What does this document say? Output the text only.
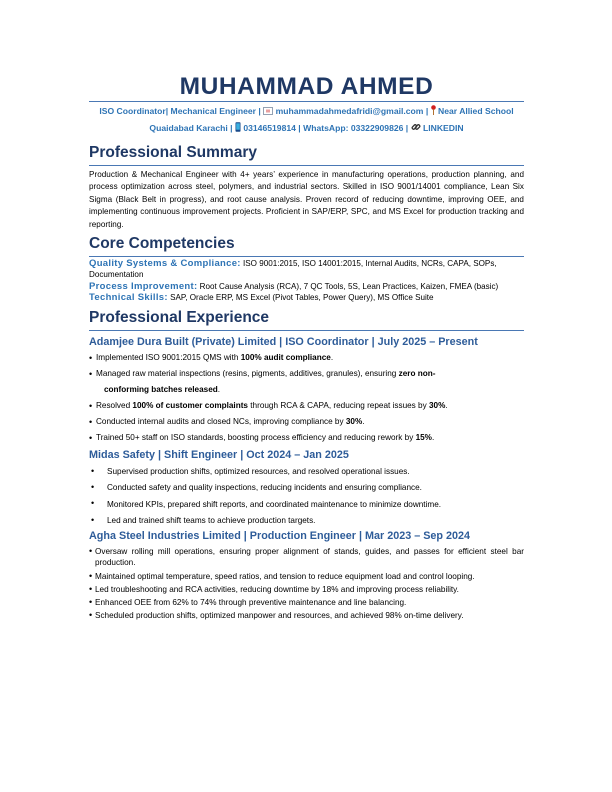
MUHAMMAD AHMED
ISO Coordinator| Mechanical Engineer |  muhammadahmedafridi@gmail.com |  Near Allied School Quaidabad Karachi |  03146519814 | WhatsApp: 03322909826 |  LINKEDIN
Professional Summary
Production & Mechanical Engineer with 4+ years’ experience in manufacturing operations, production planning, and process optimization across steel, polymers, and industrial sectors. Skilled in ISO 9001/14001 compliance, Lean Six Sigma (Black Belt in progress), and root cause analysis. Proven record of reducing downtime, improving OEE, and implementing continuous improvement projects. Proficient in SAP/ERP, SPC, and MS Excel for production tracking and reporting.
Core Competencies
Quality Systems & Compliance: ISO 9001:2015, ISO 14001:2015, Internal Audits, NCRs, CAPA, SOPs, Documentation
Process Improvement: Root Cause Analysis (RCA), 7 QC Tools, 5S, Lean Practices, Kaizen, FMEA (basic)
Technical Skills: SAP, Oracle ERP, MS Excel (Pivot Tables, Power Query), MS Office Suite
Professional Experience
Adamjee Dura Built (Private) Limited | ISO Coordinator | July 2025 – Present
• Implemented ISO 9001:2015 QMS with 100% audit compliance.
• Managed raw material inspections (resins, pigments, additives, granules), ensuring zero non-
conforming batches released.
• Resolved 100% of customer complaints through RCA & CAPA, reducing repeat issues by 30%.
• Conducted internal audits and closed NCs, improving compliance by 30%.
• Trained 50+ staff on ISO standards, boosting process efficiency and reducing rework by 15%.
Midas Safety | Shift Engineer | Oct 2024 – Jan 2025
• Supervised production shifts, optimized resources, and resolved operational issues.
• Conducted safety and quality inspections, reducing incidents and ensuring compliance.
• Monitored KPIs, prepared shift reports, and coordinated maintenance to minimize downtime.
• Led and trained shift teams to achieve production targets.
Agha Steel Industries Limited | Production Engineer | Mar 2023 – Sep 2024
• Oversaw rolling mill operations, ensuring proper alignment of stands, guides, and passes for efficient steel bar production.
• Maintained optimal temperature, speed ratios, and tension to reduce equipment load and control looping.
• Led troubleshooting and RCA activities, reducing downtime by 18% and improving process reliability.
• Enhanced OEE from 62% to 74% through preventive maintenance and line balancing.
• Scheduled production shifts, optimized manpower and resources, and achieved 98% on-time delivery.
